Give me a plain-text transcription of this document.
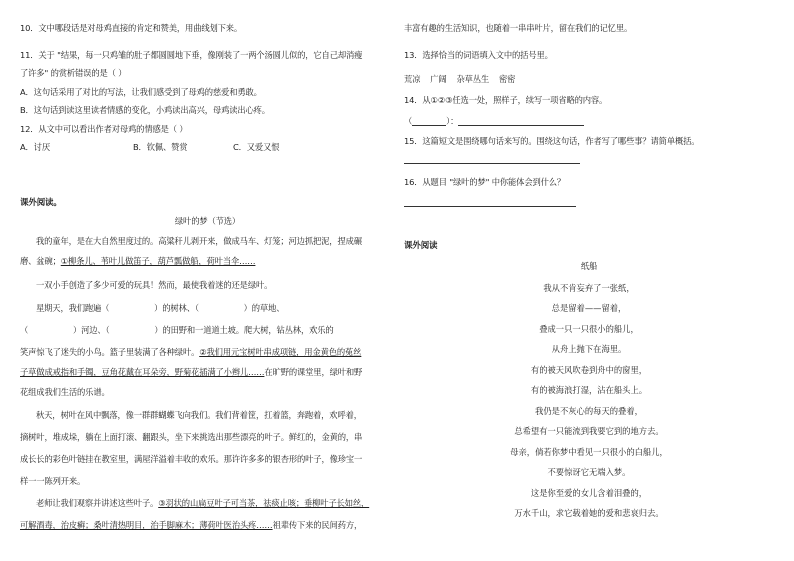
10．文中哪段话是对母鸡直接的肯定和赞美，用曲线划下来。
11．关于 "结果，每一只鸡雏的肚子都圆圆地下垂，像刚装了一两个汤圆儿似的，它自己却消瘦
了许多" 的赏析错误的是（ ）
A．这句话采用了对比的写法，让我们感受到了母鸡的慈爱和勇敢。
B．这句话到读这里读者情感的变化，小鸡读出高兴，母鸡读出心疼。
12．从文中可以看出作者对母鸡的情感是（ ）
A．讨厌	B．钦佩、赞赏	C．又爱又恨
课外阅读。
绿叶的梦（节选）
我的童年，是在大自然里度过的。高粱秆儿剥开来，做成马车、灯笼；河边抓把泥，捏成碾
磨、盆碗；①柳条儿、苇叶儿做笛子，葫芦瓢做船，荷叶当伞……
一双小手创造了多少可爱的玩具！然而，最使我着迷的还是绿叶。
星期天，我们跑遍（	）的树林、（	）的草地、
（	）河边、（	）的田野和一道道土坡。爬大树，钻丛林，欢乐的
笑声惊飞了迷失的小鸟。篮子里装满了各种绿叶。②我们用元宝树叶串成项链，用金黄色的菟丝
子草做成戒指和手镯，豆角花戴在耳朵旁，野菊花插满了小辫儿……在旷野的课堂里，绿叶和野
花组成我们生活的乐谱。
秋天，树叶在风中飘落，像一群群蝴蝶飞向我们。我们背着筐，扛着篮，奔跑着，欢呼着，
摘树叶，堆成垛，躺在上面打滚、翻跟头，坐下来挑选出那些漂亮的叶子。鲜红的，金黄的，串
成长长的彩色叶链挂在教室里，满屋洋溢着丰收的欢乐。那许许多多的银杏形的叶子，像珍宝一
样一一陈列开来。
老师让我们观察并讲述这些叶子。③羽状的山扁豆叶子可当茶，祛痰止咳；垂柳叶子长如丝，
可解酒毒，治皮癣；桑叶清热明目，治手脚麻木；薄荷叶医治头疼……祖辈传下来的民间药方，
丰富有趣的生活知识，也随着一串串叶片，留在我们的记忆里。
13．选择恰当的词语填入文中的括号里。
荒凉    广阔    杂草丛生    密密
14．从①②③任选一处，照样子，续写一项省略的内容。
（	）：
15．这篇短文是围绕哪句话来写的。围绕这句话，作者写了哪些事？请简单概括。
16．从题目 "绿叶的梦" 中你能体会到什么？
课外阅读
纸船
我从不肯妄弃了一张纸，
总是留着——留着，
叠成一只一只很小的船儿，
从舟上抛下在海里。
有的被天风吹卷到舟中的窗里，
有的被海浪打湿，沾在船头上。
我仍是不灰心的每天的叠着，
总希望有一只能流到我要它到的地方去。
母亲，倘若你梦中看见一只很小的白船儿，
不要惊讶它无端入梦。
这是你至爱的女儿含着泪叠的，
万水千山，求它载着她的爱和悲哀归去。
